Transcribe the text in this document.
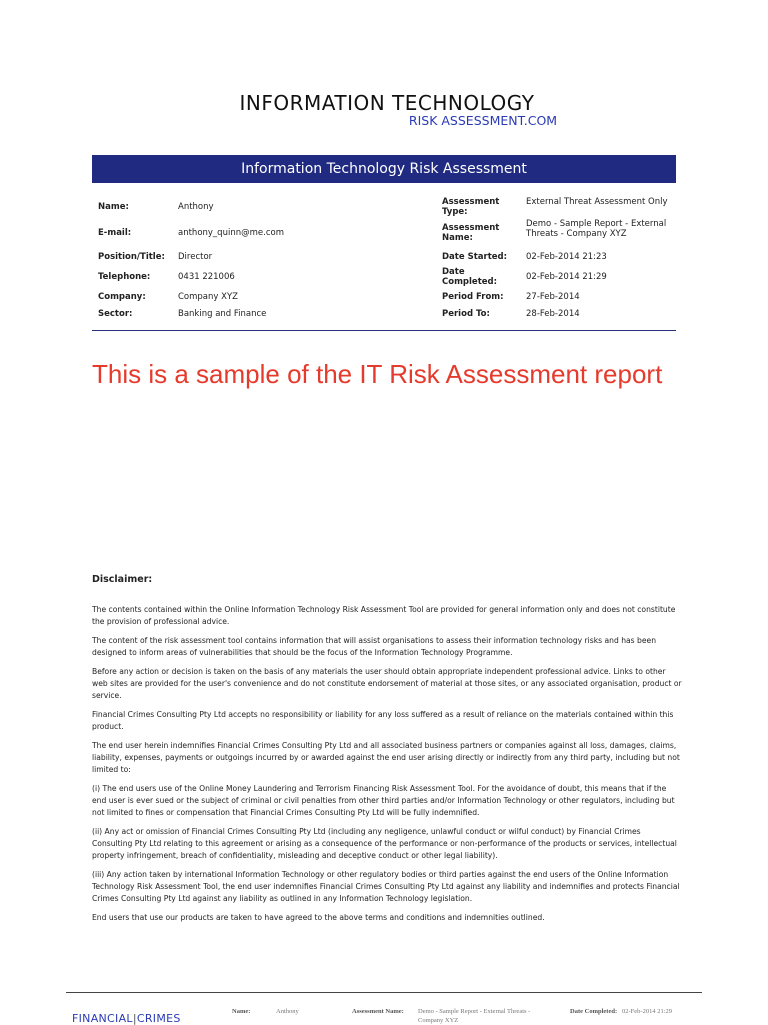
INFORMATION TECHNOLOGY
RISK ASSESSMENT.COM
Information Technology Risk Assessment
Name:	Anthony
E-mail:	anthony_quinn@me.com
Position/Title: Director
Telephone:	0431 221006
Company:	Company XYZ
Sector:	Banking and Finance
Assessment Type:
External Threat Assessment Only
Assessment Name:
Demo - Sample Report - External Threats - Company XYZ
Date Started: 02-Feb-2014 21:23
Date Completed:	02-Feb-2014 21:29
Period From:	27-Feb-2014
Period To:	28-Feb-2014
This is a sample of the IT Risk Assessment report
Disclaimer:

The contents contained within the Online Information Technology Risk Assessment Tool are provided for general information only and does not constitute the provision of professional advice.

The content of the risk assessment tool contains information that will assist organisations to assess their information technology risks and has been designed to inform areas of vulnerabilities that should be the focus of the Information Technology Programme.

Before any action or decision is taken on the basis of any materials the user should obtain appropriate independent professional advice. Links to other web sites are provided for the user's convenience and do not constitute endorsement of material at those sites, or any associated organisation, product or service.

Financial Crimes Consulting Pty Ltd accepts no responsibility or liability for any loss suffered as a result of reliance on the materials contained within this product.

The end user herein indemnifies Financial Crimes Consulting Pty Ltd and all associated business partners or companies against all loss, damages, claims, liability, expenses, payments or outgoings incurred by or awarded against the end user arising directly or indirectly from any third party, including but not limited to:

(i) The end users use of the Online Money Laundering and Terrorism Financing Risk Assessment Tool. For the avoidance of doubt, this means that if the end user is ever sued or the subject of criminal or civil penalties from other third parties and/or Information Technology or other regulators, including but not limited to fines or compensation that Financial Crimes Consulting Pty Ltd will be fully indemnified.

(ii) Any act or omission of Financial Crimes Consulting Pty Ltd (including any negligence, unlawful conduct or wilful conduct) by Financial Crimes Consulting Pty Ltd relating to this agreement or arising as a consequence of the performance or non-performance of the products or services, intellectual property infringement, breach of confidentiality, misleading and deceptive conduct or other legal liability).

(iii) Any action taken by international Information Technology or other regulatory bodies or third parties against the end users of the Online Information Technology Risk Assessment Tool, the end user indemnifies Financial Crimes Consulting Pty Ltd against any liability and indemnifies and protects Financial Crimes Consulting Pty Ltd against any liability as outlined in any Information Technology legislation.

End users that use our products are taken to have agreed to the above terms and conditions and indemnities outlined.

FINANCIAL|CRIMES
Name:	Anthony	Assessment Name: Demo - Sample Report - External Threats - Company XYZ
Date Completed: 02-Feb-2014 21:29
